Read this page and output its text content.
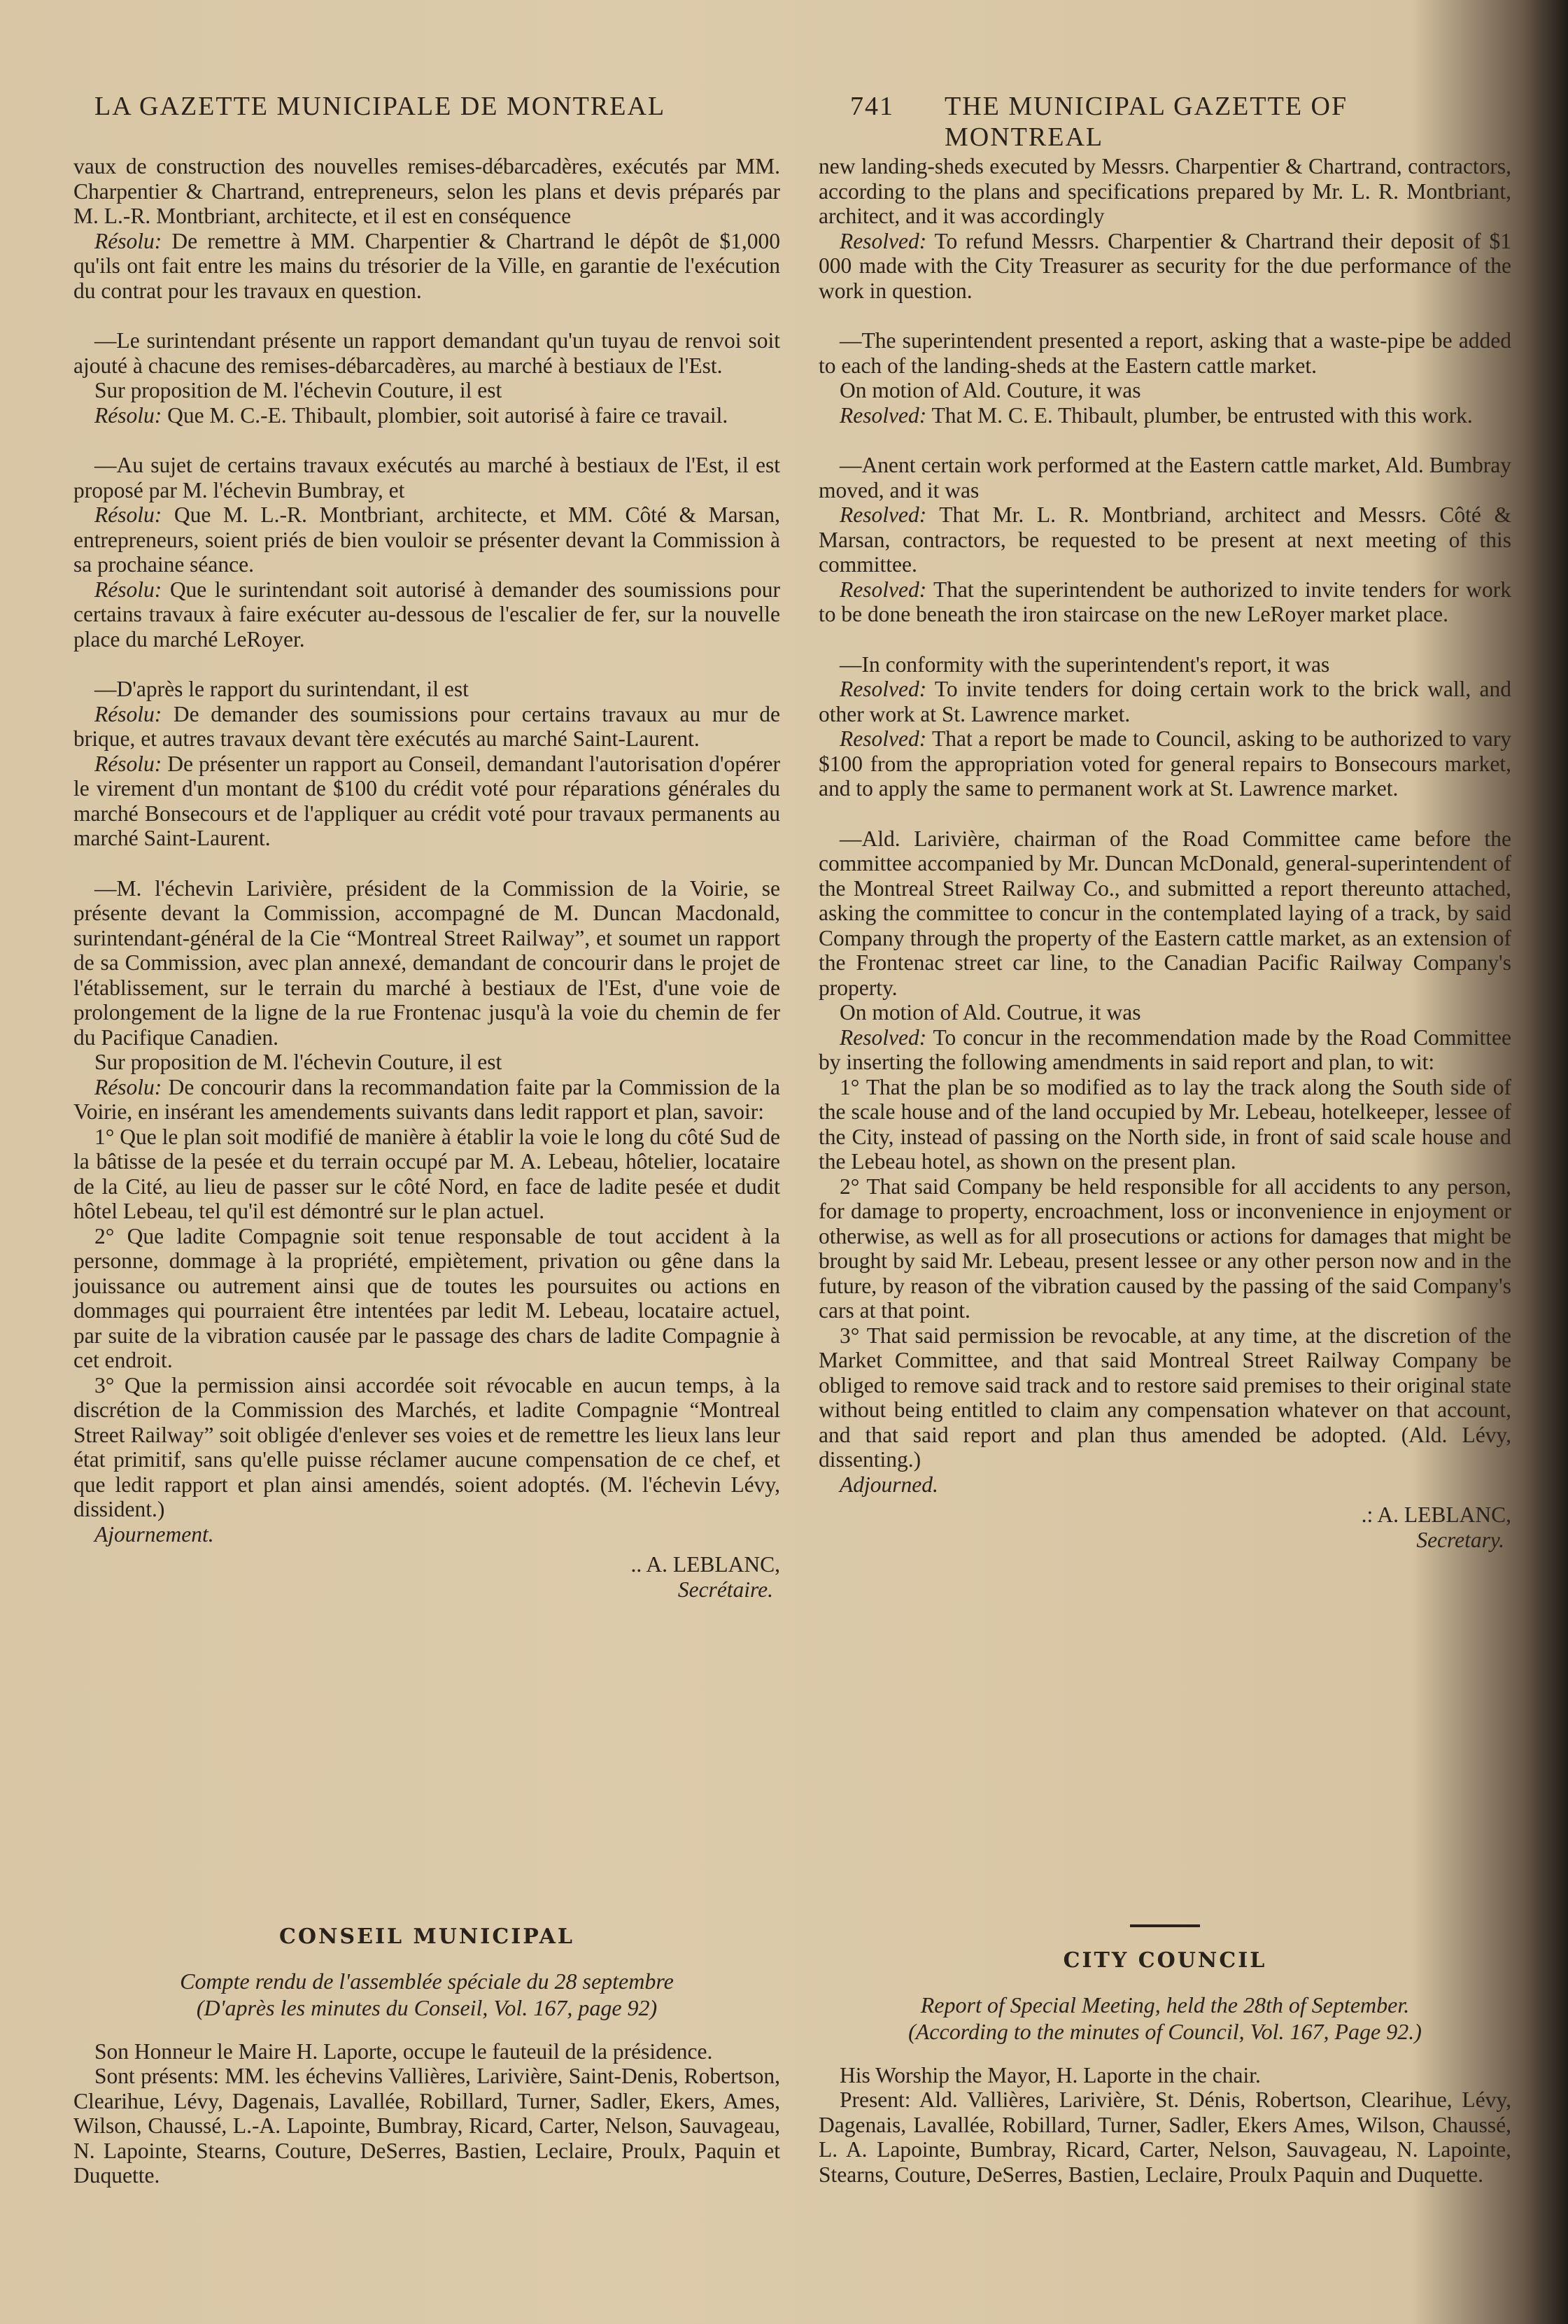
LA GAZETTE MUNICIPALE DE MONTREAL	741 THE MUNICIPAL GAZETTE OF MONTREAL

vaux de construction des nouvelles remises-débarcadères, exécutés par MM. Charpentier & Chartrand, entrepreneurs, selon les plans et devis préparés par M. L.-R. Montbriant, architecte, et il est en conséquence

Résolu: De remettre à MM. Charpentier & Chartrand le dépôt de $1,000 qu'ils ont fait entre les mains du trésorier de la Ville, en garantie de l'exécution du contrat pour les travaux en question.

—Le surintendant présente un rapport demandant qu'un tuyau de renvoi soit ajouté à chacune des remises-débarcadères, au marché à bestiaux de l'Est.

Sur proposition de M. l'échevin Couture, il est

Résolu: Que M. C.-E. Thibault, plombier, soit autorisé à faire ce travail.

—Au sujet de certains travaux exécutés au marché à bestiaux de l'Est, il est proposé par M. l'échevin Bumbray, et

Résolu: Que M. L.-R. Montbriant, architecte, et MM. Côté & Marsan, entrepreneurs, soient priés de bien vouloir se présenter devant la Commission à sa prochaine séance.

Résolu: Que le surintendant soit autorisé à demander des soumissions pour certains travaux à faire exécuter au-dessous de l'escalier de fer, sur la nouvelle place du marché LeRoyer.

—D'après le rapport du surintendant, il est

Résolu: De demander des soumissions pour certains travaux au mur de brique, et autres travaux devant tère exécutés au marché Saint-Laurent.

Résolu: De présenter un rapport au Conseil, demandant l'autorisation d'opérer le virement d'un montant de $100 du crédit voté pour réparations générales du marché Bonsecours et de l'appliquer au crédit voté pour travaux permanents au marché Saint-Laurent.

—M. l'échevin Larivière, président de la Commission de la Voirie, se présente devant la Commission, accompagné de M. Duncan Macdonald, surintendant-général de la Cie “Montreal Street Railway”, et soumet un rapport de sa Commission, avec plan annexé, demandant de concourir dans le projet de l'établissement, sur le terrain du marché à bestiaux de l'Est, d'une voie de prolongement de la ligne de la rue Frontenac jusqu'à la voie du chemin de fer du Pacifique Canadien.

Sur proposition de M. l'échevin Couture, il est

Résolu: De concourir dans la recommandation faite par la Commission de la Voirie, en insérant les amendements suivants dans ledit rapport et plan, savoir:

1° Que le plan soit modifié de manière à établir la voie le long du côté Sud de la bâtisse de la pesée et du terrain occupé par M. A. Lebeau, hôtelier, locataire de la Cité, au lieu de passer sur le côté Nord, en face de ladite pesée et dudit hôtel Lebeau, tel qu'il est démontré sur le plan actuel.

2° Que ladite Compagnie soit tenue responsable de tout accident à la personne, dommage à la propriété, empiètement, privation ou gêne dans la jouissance ou autrement ainsi que de toutes les poursuites ou actions en dommages qui pourraient être intentées par ledit M. Lebeau, locataire actuel, par suite de la vibration causée par le passage des chars de ladite Compagnie à cet endroit.

3° Que la permission ainsi accordée soit révocable en aucun temps, à la discrétion de la Commission des Marchés, et ladite Compagnie “Montreal Street Railway” soit obligée d'enlever ses voies et de remettre les lieux lans leur état primitif, sans qu'elle puisse réclamer aucune compensation de ce chef, et que ledit rapport et plan ainsi amendés, soient adoptés. (M. l'échevin Lévy, dissident.)

Ajournement.

.. A. LEBLANC,
Secrétaire.
CONSEIL MUNICIPAL
Compte rendu de l'assemblée spéciale du 28 septembre
(D'après les minutes du Conseil, Vol. 167, page 92)

Son Honneur le Maire H. Laporte, occupe le fauteuil de la présidence.

Sont présents: MM. les échevins Vallières, Larivière, Saint-Denis, Robertson, Clearihue, Lévy, Dagenais, Lavallée, Robillard, Turner, Sadler, Ekers, Ames, Wilson, Chaussé, L.-A. Lapointe, Bumbray, Ricard, Carter, Nelson, Sauvageau, N. Lapointe, Stearns, Couture, DeSerres, Bastien, Leclaire, Proulx, Paquin et Duquette.

new landing-sheds executed by Messrs. Charpentier & Chartrand, contractors, according to the plans and specifications prepared by Mr. L. R. Montbriant, architect, and it was accordingly

Resolved: To refund Messrs. Charpentier & Chartrand their deposit of $1 000 made with the City Treasurer as security for the due performance of the work in question.

—The superintendent presented a report, asking that a waste-pipe be added to each of the landing-sheds at the Eastern cattle market.

On motion of Ald. Couture, it was

Resolved: That M. C. E. Thibault, plumber, be entrusted with this work.

—Anent certain work performed at the Eastern cattle market, Ald. Bumbray moved, and it was

Resolved: That Mr. L. R. Montbriand, architect and Messrs. Côté & Marsan, contractors, be requested to be present at next meeting of this committee.

Resolved: That the superintendent be authorized to invite tenders for work to be done beneath the iron staircase on the new LeRoyer market place.

—In conformity with the superintendent's report, it was

Resolved: To invite tenders for doing certain work to the brick wall, and other work at St. Lawrence market.

Resolved: That a report be made to Council, asking to be authorized to vary $100 from the appropriation voted for general repairs to Bonsecours market, and to apply the same to permanent work at St. Lawrence market.

—Ald. Larivière, chairman of the Road Committee came before the committee accompanied by Mr. Duncan McDonald, general-superintendent of the Montreal Street Railway Co., and submitted a report thereunto attached, asking the committee to concur in the contemplated laying of a track, by said Company through the property of the Eastern cattle market, as an extension of the Frontenac street car line, to the Canadian Pacific Railway Company's property.

On motion of Ald. Coutrue, it was

Resolved: To concur in the recommendation made by the Road Committee by inserting the following amendments in said report and plan, to wit:

1° That the plan be so modified as to lay the track along the South side of the scale house and of the land occupied by Mr. Lebeau, hotelkeeper, lessee of the City, instead of passing on the North side, in front of said scale house and the Lebeau hotel, as shown on the present plan.

2° That said Company be held responsible for all accidents to any person, for damage to property, encroachment, loss or inconvenience in enjoyment or otherwise, as well as for all prosecutions or actions for damages that might be brought by said Mr. Lebeau, present lessee or any other person now and in the future, by reason of the vibration caused by the passing of the said Company's cars at that point.

3° That said permission be revocable, at any time, at the discretion of the Market Committee, and that said Montreal Street Railway Company be obliged to remove said track and to restore said premises to their original state without being entitled to claim any compensation whatever on that account, and that said report and plan thus amended be adopted. (Ald. Lévy, dissenting.)

Adjourned.

.: A. LEBLANC,
Secretary.
CITY COUNCIL
Report of Special Meeting, held the 28th of September.
(According to the minutes of Council, Vol. 167, Page 92.)

His Worship the Mayor, H. Laporte in the chair.

Present: Ald. Vallières, Larivière, St. Dénis, Robertson, Clearihue, Lévy, Dagenais, Lavallée, Robillard, Turner, Sadler, Ekers Ames, Wilson, Chaussé, L. A. Lapointe, Bumbray, Ricard, Carter, Nelson, Sauvageau, N. Lapointe, Stearns, Couture, DeSerres, Bastien, Leclaire, Proulx Paquin and Duquette.
